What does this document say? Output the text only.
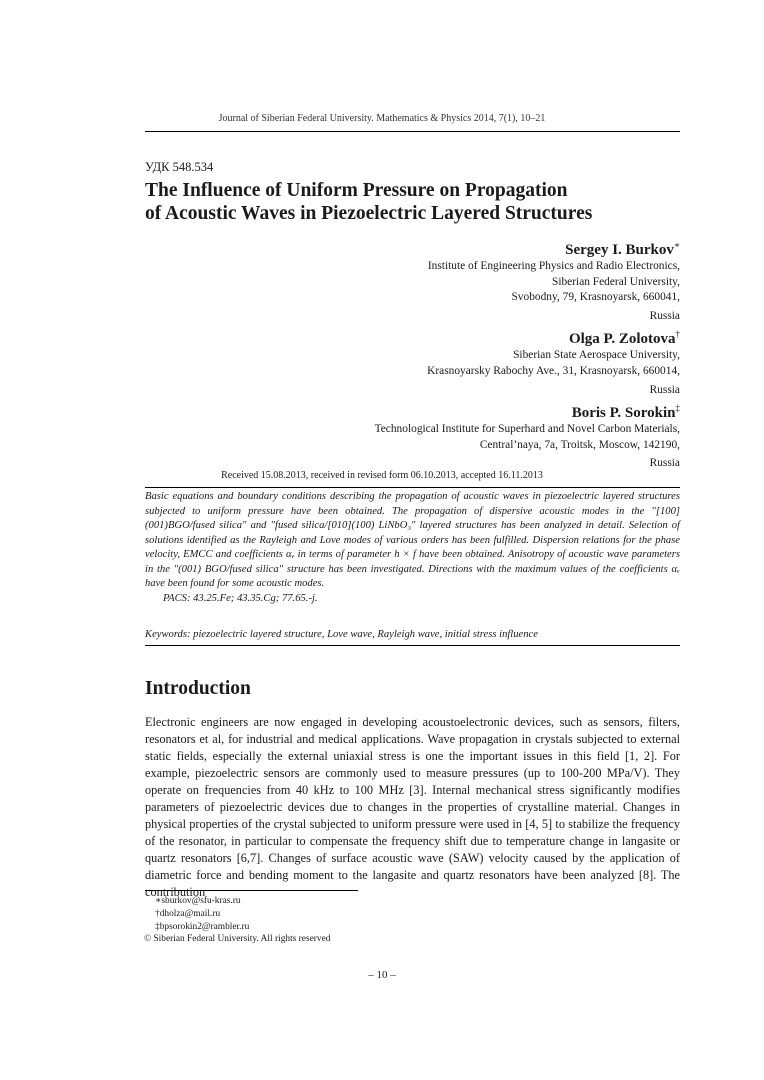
Journal of Siberian Federal University. Mathematics & Physics 2014, 7(1), 10–21
УДК 548.534
The Influence of Uniform Pressure on Propagation
of Acoustic Waves in Piezoelectric Layered Structures
Sergey I. Burkov∗
Institute of Engineering Physics and Radio Electronics,
Siberian Federal University,
Svobodny, 79, Krasnoyarsk, 660041,
Russia
Olga P. Zolotova†
Siberian State Aerospace University,
Krasnoyarsky Rabochy Ave., 31, Krasnoyarsk, 660014,
Russia
Boris P. Sorokin‡
Technological Institute for Superhard and Novel Carbon Materials,
Central’naya, 7a, Troitsk, Moscow, 142190,
Russia
Received 15.08.2013, received in revised form 06.10.2013, accepted 16.11.2013
Basic equations and boundary conditions describing the propagation of acoustic waves in piezoelectric layered structures subjected to uniform pressure have been obtained. The propagation of dispersive acoustic modes in the "[100](001)BGO/fused silica" and "fused silica/[010](100) LiNbO₃" layered structures has been analyzed in detail. Selection of solutions identified as the Rayleigh and Love modes of various orders has been fulfilled. Dispersion relations for the phase velocity, EMCC and coefficients αᵥ in terms of parameter h × f have been obtained. Anisotropy of acoustic wave parameters in the "(001) BGO/fused silica" structure has been investigated. Directions with the maximum values of the coefficients αᵥ have been found for some acoustic modes.
PACS: 43.25.Fe; 43.35.Cg; 77.65.-j.
Keywords: piezoelectric layered structure, Love wave, Rayleigh wave, initial stress influence
Introduction
Electronic engineers are now engaged in developing acoustoelectronic devices, such as sensors, filters, resonators et al, for industrial and medical applications. Wave propagation in crystals subjected to external static fields, especially the external uniaxial stress is one the important issues in this field [1, 2]. For example, piezoelectric sensors are commonly used to measure pressures (up to 100-200 MPa/V). They operate on frequencies from 40 kHz to 100 MHz [3]. Internal mechanical stress significantly modifies parameters of piezoelectric devices due to changes in the properties of crystalline material. Changes in physical properties of the crystal subjected to uniform pressure were used in [4, 5] to stabilize the frequency of the resonator, in particular to compensate the frequency shift due to temperature change in langasite or quartz resonators [6,7]. Changes of surface acoustic wave (SAW) velocity caused by the application of diametric force and bending moment to the langasite and quartz resonators have been analyzed [8]. The contribution
∗sburkov@sfu-kras.ru
†dholza@mail.ru
‡bpsorokin2@rambler.ru
© Siberian Federal University. All rights reserved
– 10 –
